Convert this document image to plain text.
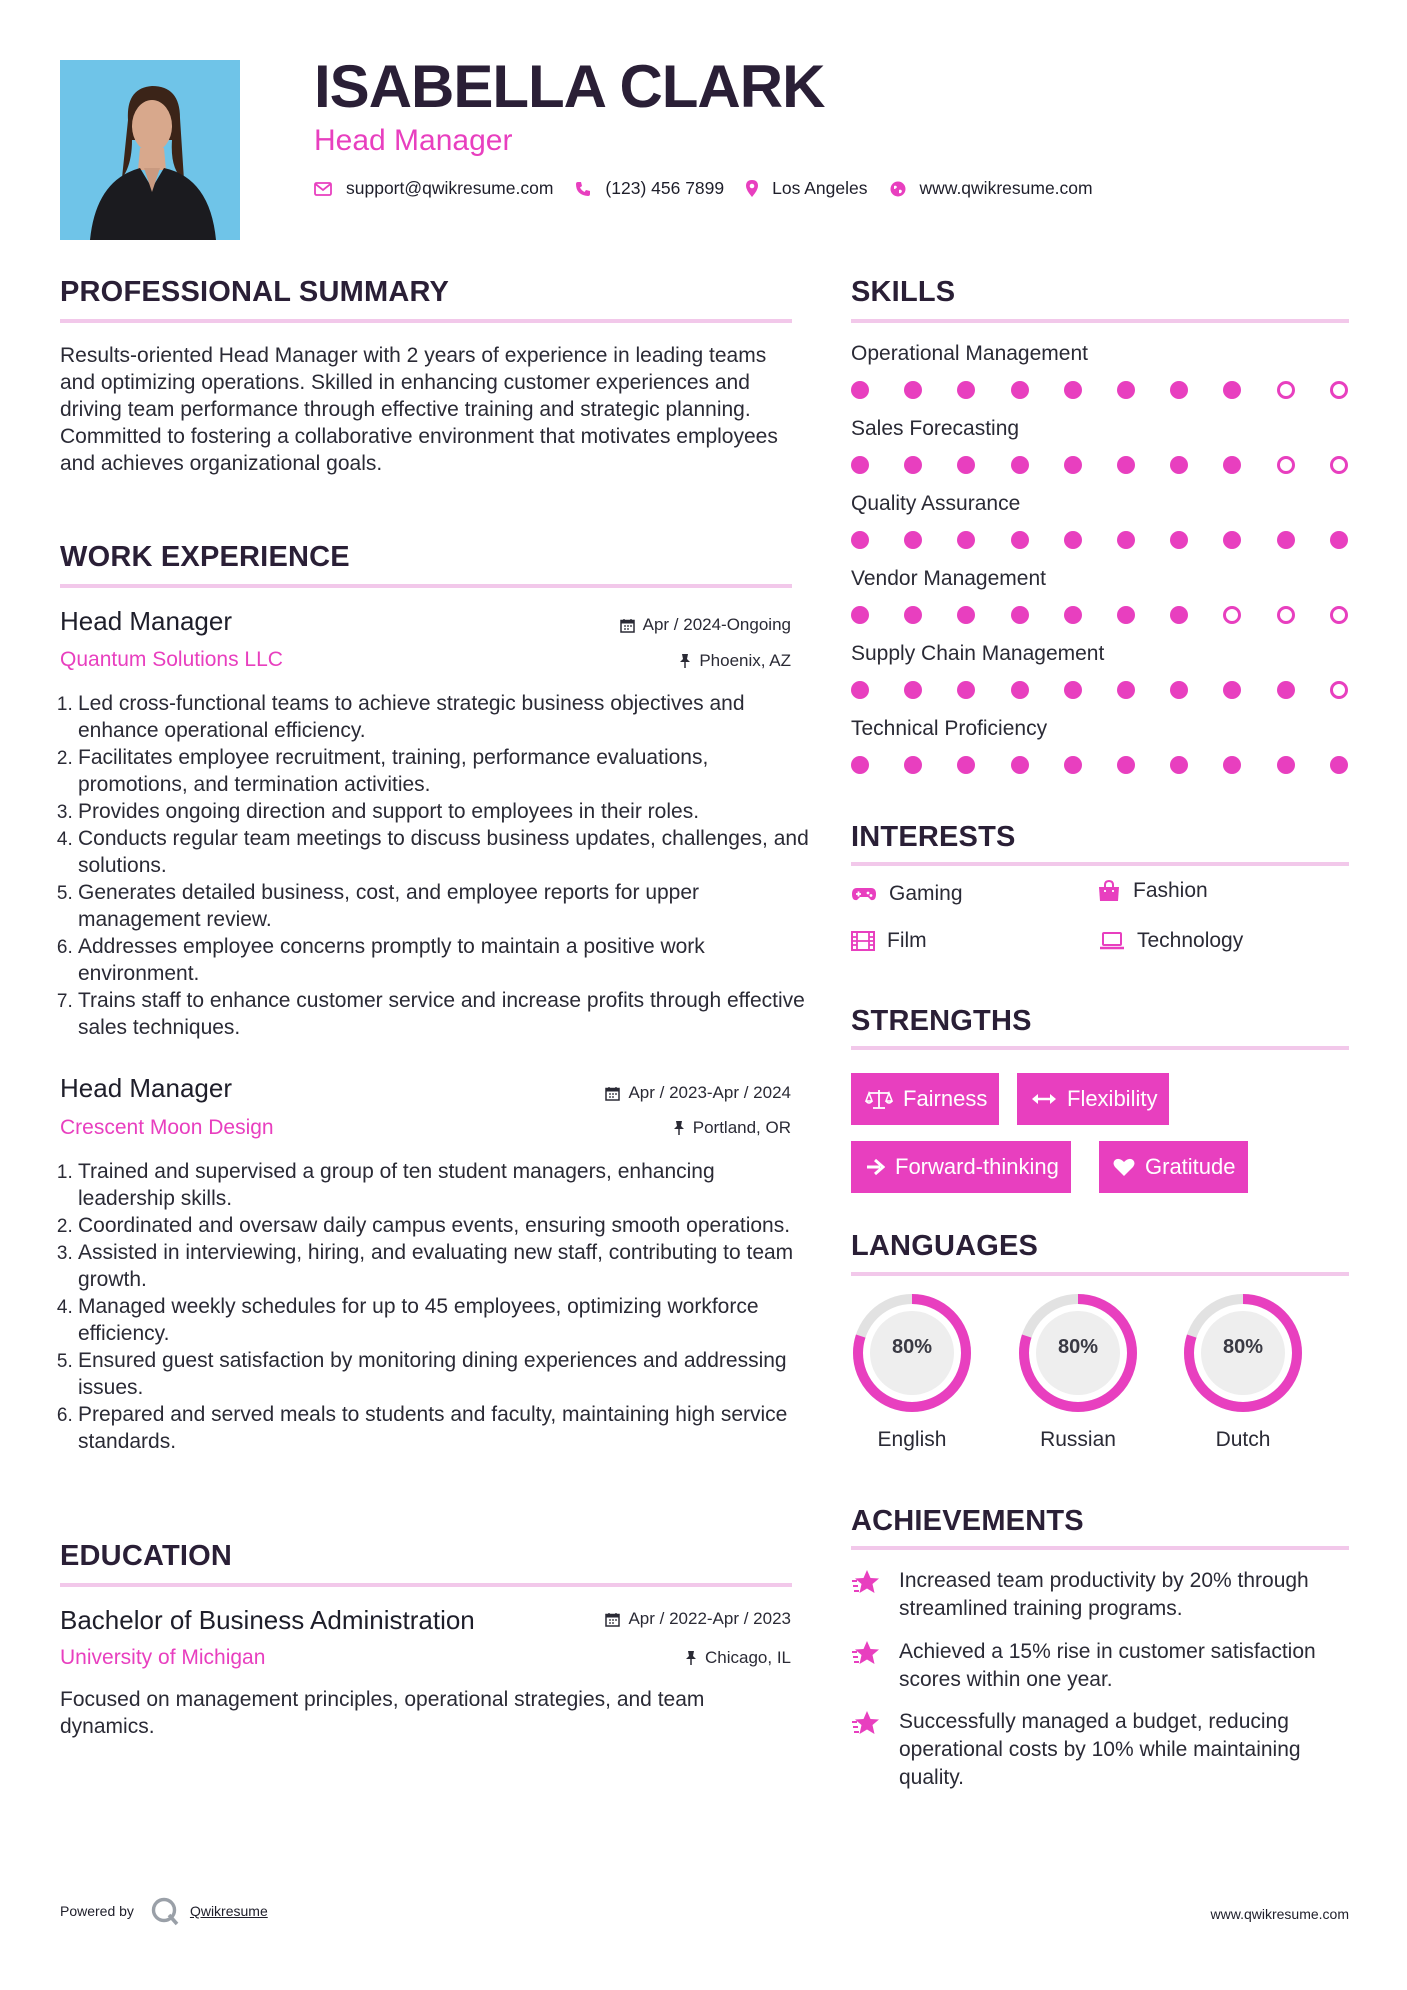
ISABELLA CLARK
Head Manager
support@qwikresume.com	(123) 456 7899	Los Angeles	www.qwikresume.com
PROFESSIONAL SUMMARY
Results-oriented Head Manager with 2 years of experience in leading teams and optimizing operations. Skilled in enhancing customer experiences and driving team performance through effective training and strategic planning. Committed to fostering a collaborative environment that motivates employees and achieves organizational goals.
WORK EXPERIENCE
Head Manager	Apr / 2024-Ongoing
Quantum Solutions LLC	Phoenix, AZ
1. Led cross-functional teams to achieve strategic business objectives and enhance operational efficiency.
2. Facilitates employee recruitment, training, performance evaluations, promotions, and termination activities.
3. Provides ongoing direction and support to employees in their roles.
4. Conducts regular team meetings to discuss business updates, challenges, and solutions.
5. Generates detailed business, cost, and employee reports for upper management review.
6. Addresses employee concerns promptly to maintain a positive work environment.
7. Trains staff to enhance customer service and increase profits through effective sales techniques.
Head Manager	Apr / 2023-Apr / 2024
Crescent Moon Design	Portland, OR
1. Trained and supervised a group of ten student managers, enhancing leadership skills.
2. Coordinated and oversaw daily campus events, ensuring smooth operations.
3. Assisted in interviewing, hiring, and evaluating new staff, contributing to team growth.
4. Managed weekly schedules for up to 45 employees, optimizing workforce efficiency.
5. Ensured guest satisfaction by monitoring dining experiences and addressing issues.
6. Prepared and served meals to students and faculty, maintaining high service standards.
EDUCATION
Bachelor of Business Administration	Apr / 2022-Apr / 2023
University of Michigan	Chicago, IL
Focused on management principles, operational strategies, and team dynamics.
SKILLS
Operational Management
Sales Forecasting
Quality Assurance
Vendor Management
Supply Chain Management
Technical Proficiency
INTERESTS
Gaming	Fashion
Film	Technology
STRENGTHS
Fairness	Flexibility
Forward-thinking	Gratitude
LANGUAGES
80%
English
80%
Russian
80%
Dutch
ACHIEVEMENTS
Increased team productivity by 20% through streamlined training programs.
Achieved a 15% rise in customer satisfaction scores within one year.
Successfully managed a budget, reducing operational costs by 10% while maintaining quality.
Powered by	Qwikresume	www.qwikresume.com
